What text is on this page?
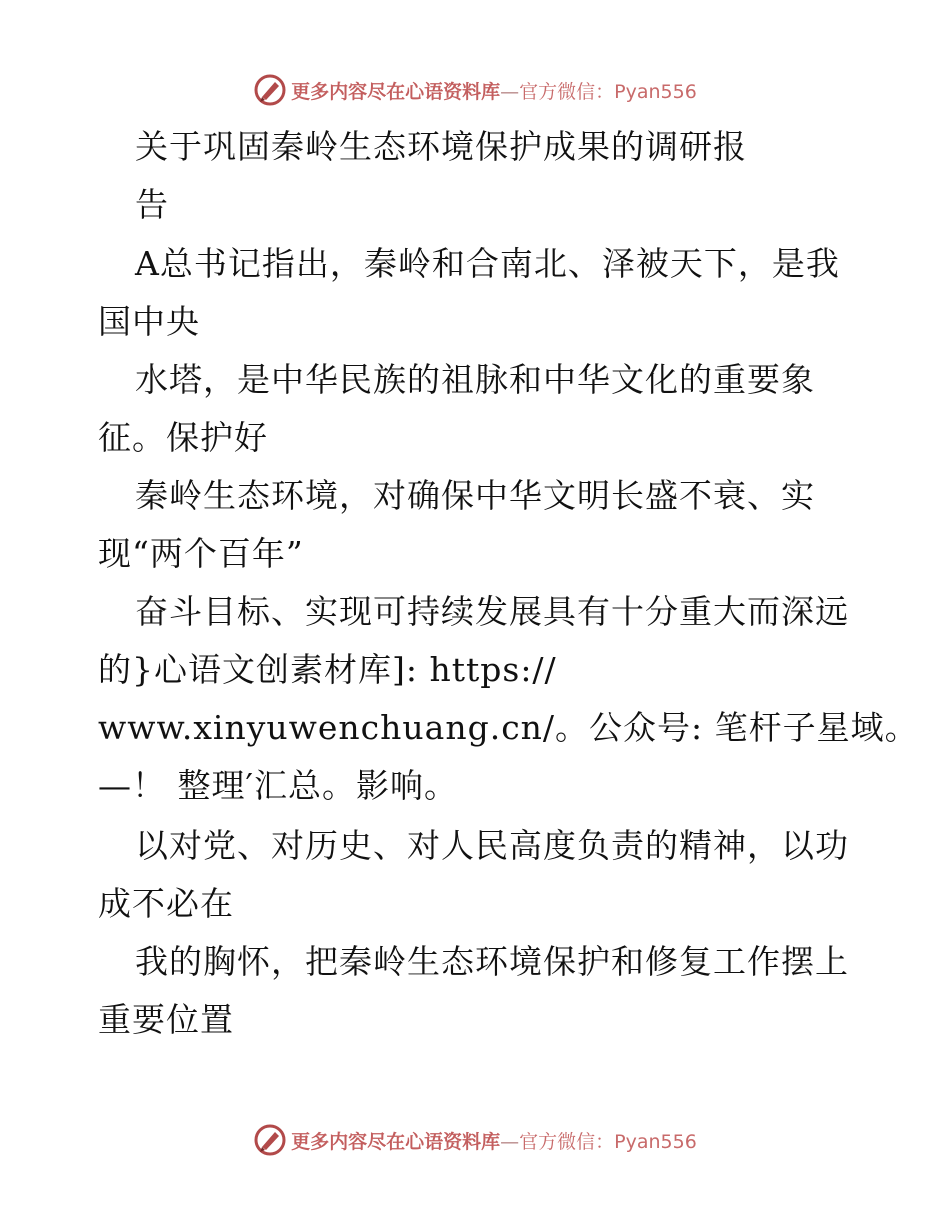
更多内容尽在心语资料库—官方微信：Pyan556
关于巩固秦岭生态环境保护成果的调研报
告
A总书记指出，秦岭和合南北、泽被天下，是我
国中央
水塔，是中华民族的祖脉和中华文化的重要象
征。保护好
秦岭生态环境，对确保中华文明长盛不衰、实
现“两个百年”
奋斗目标、实现可持续发展具有十分重大而深远
的}心语文创素材库]: https://
www.xinyuwenchuang.cn/。公众号: 笔杆子星域。
—！ 整理′汇总。影响。
以对党、对历史、对人民高度负责的精神，以功
成不必在
我的胸怀，把秦岭生态环境保护和修复工作摆上
重要位置
更多内容尽在心语资料库—官方微信：Pyan556
